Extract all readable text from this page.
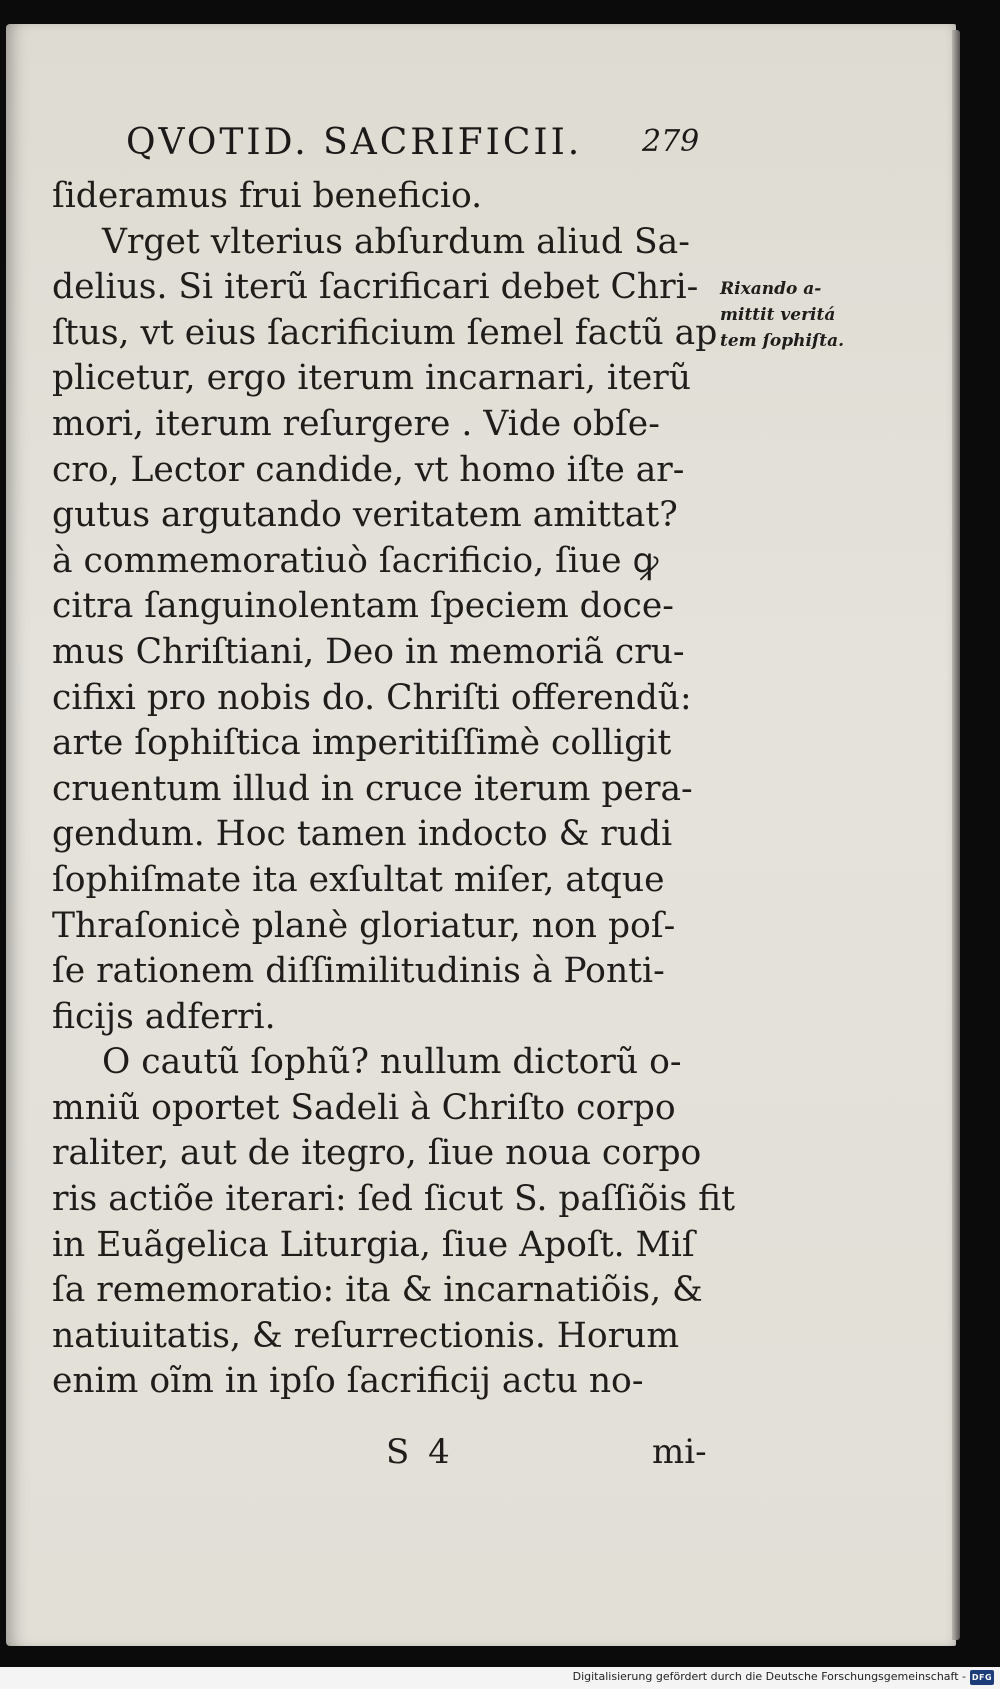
QVOTID. SACRIFICII.	279
ſideramus frui beneficio.
Vrget vlterius abſurdum aliud Sa-
delius. Si iterũ ſacrificari debet Chri-
ſtus, vt eius ſacrificium ſemel factũ ap
plicetur, ergo iterum incarnari, iterũ
mori, iterum reſurgere . Vide obſe-
cro, Lector candide, vt homo iſte ar-
gutus argutando veritatem amittat?
à commemoratiuò ſacrificio, ſiue ꝙ
citra ſanguinolentam ſpeciem doce-
mus Chriſtiani, Deo in memoriã cru-
cifixi pro nobis do. Chriſti offerendũ:
arte ſophiſtica imperitiſſimè colligit
cruentum illud in cruce iterum pera-
gendum. Hoc tamen indocto & rudi
ſophiſmate ita exſultat miſer, atque
Thraſonicè planè gloriatur, non poſ-
ſe rationem diſſimilitudinis à Ponti-
ficijs adferri.
O cautũ ſophũ? nullum dictorũ o-
mniũ oportet Sadeli à Chriſto corpo
raliter, aut de itegro, ſiue noua corpo
ris actiõe iterari: ſed ſicut S. paſſiõis fit
in Euãgelica Liturgia, ſiue Apoſt. Miſ
ſa rememoratio: ita & incarnatiõis, &
natiuitatis, & reſurrectionis. Horum
enim oĩm in ipſo ſacrificij actu no-
Rixando a-
mittit veritá
tem ſophiſta.
S 4	mi-
Digitalisierung gefördert durch die Deutsche Forschungsgemeinschaft - DFG
